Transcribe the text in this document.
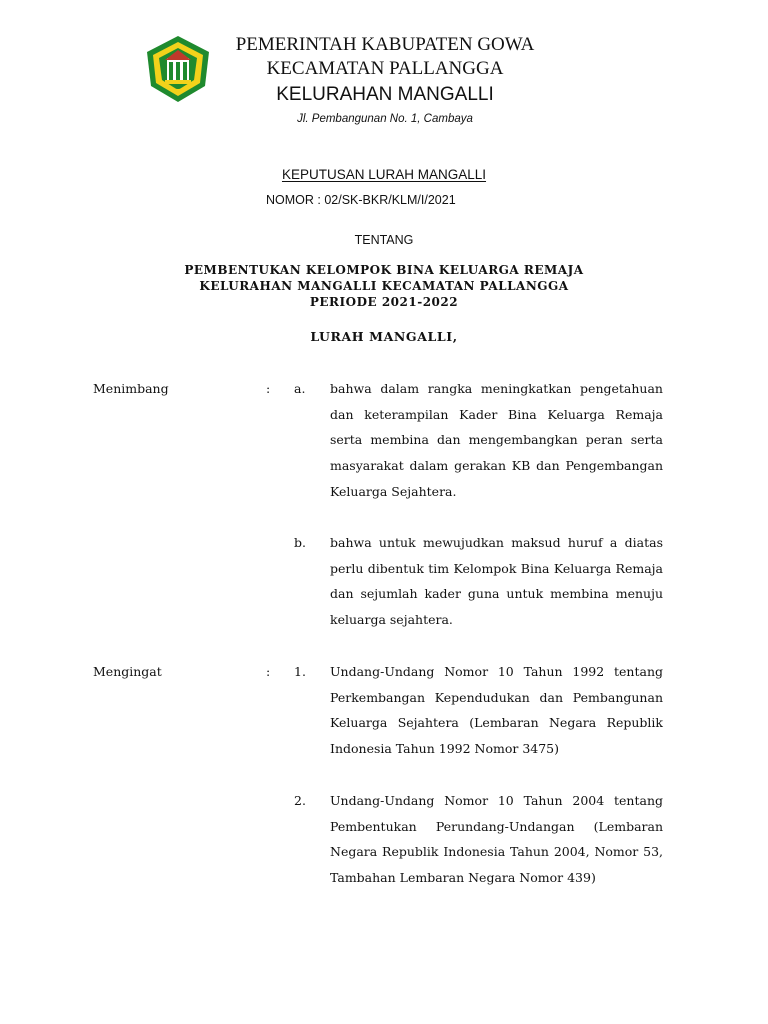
PEMERINTAH KABUPATEN GOWA
KECAMATAN PALLANGGA
KELURAHAN MANGALLI
Jl. Pembangunan No. 1, Cambaya
KEPUTUSAN LURAH MANGALLI
NOMOR : 02/SK-BKR/KLM/I/2021
TENTANG
PEMBENTUKAN KELOMPOK BINA KELUARGA REMAJA
KELURAHAN MANGALLI KECAMATAN PALLANGGA
PERIODE 2021-2022
LURAH MANGALLI,
Menimbang	: a. bahwa dalam rangka meningkatkan pengetahuan dan keterampilan Kader Bina Keluarga Remaja serta membina dan mengembangkan peran serta masyarakat dalam gerakan KB dan Pengembangan Keluarga Sejahtera.
b. bahwa untuk mewujudkan maksud huruf a diatas perlu dibentuk tim Kelompok Bina Keluarga Remaja dan sejumlah kader guna untuk membina menuju keluarga sejahtera.
Mengingat	: 1. Undang-Undang Nomor 10 Tahun 1992 tentang Perkembangan Kependudukan dan Pembangunan Keluarga Sejahtera (Lembaran Negara Republik Indonesia Tahun 1992 Nomor 3475)
2. Undang-Undang Nomor 10 Tahun 2004 tentang Pembentukan Perundang-Undangan (Lembaran Negara Republik Indonesia Tahun 2004, Nomor 53, Tambahan Lembaran Negara Nomor 439)
